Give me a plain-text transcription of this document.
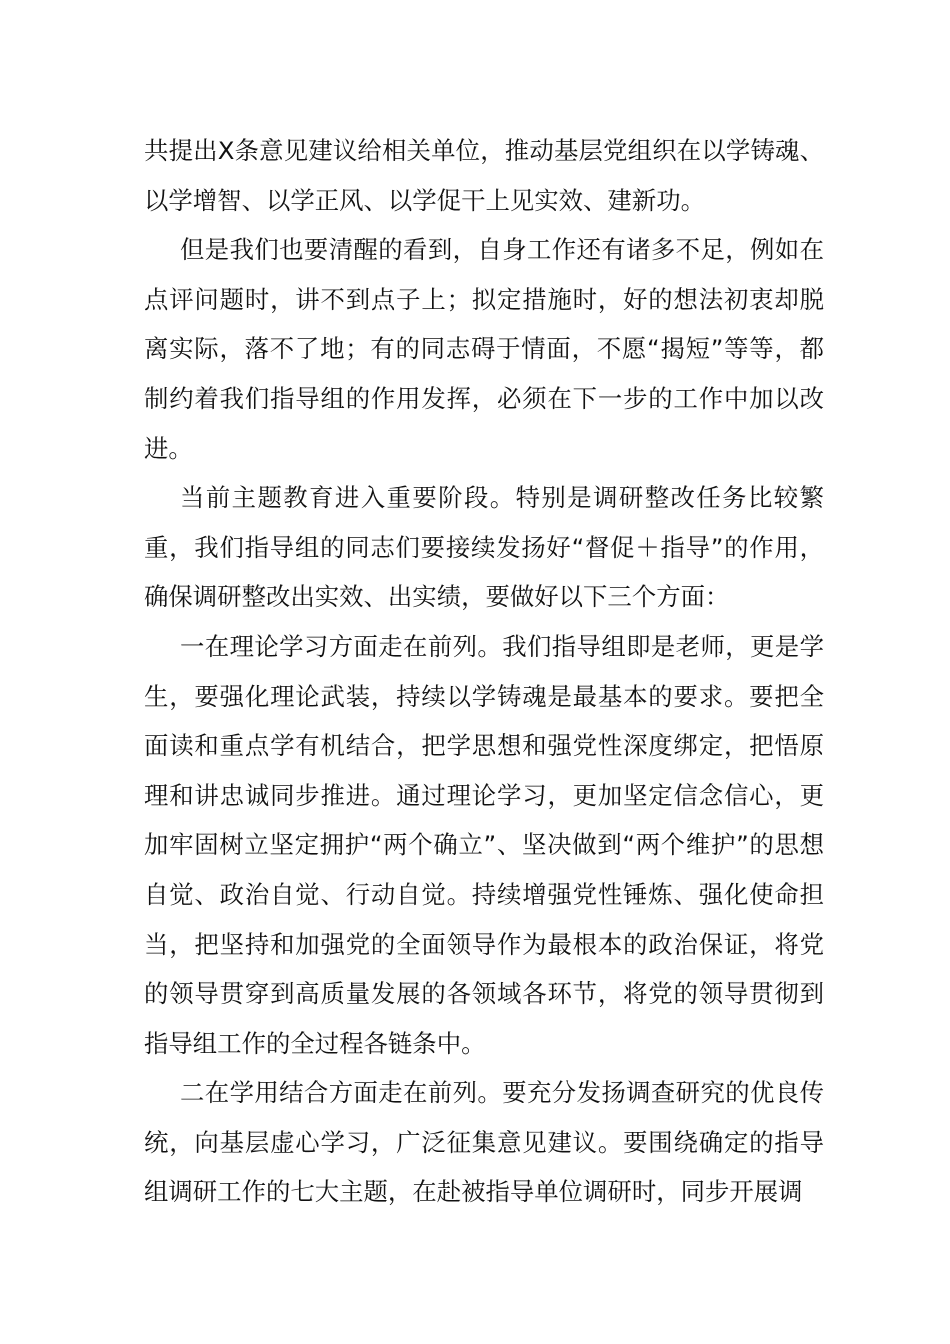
共提出X条意见建议给相关单位，推动基层党组织在以学铸魂、以学增智、以学正风、以学促干上见实效、建新功。

但是我们也要清醒的看到，自身工作还有诸多不足，例如在点评问题时，讲不到点子上；拟定措施时，好的想法初衷却脱离实际，落不了地；有的同志碍于情面，不愿“揭短”等等，都制约着我们指导组的作用发挥，必须在下一步的工作中加以改进。

当前主题教育进入重要阶段。特别是调研整改任务比较繁重，我们指导组的同志们要接续发扬好“督促＋指导”的作用，确保调研整改出实效、出实绩，要做好以下三个方面：

一在理论学习方面走在前列。我们指导组即是老师，更是学生，要强化理论武装，持续以学铸魂是最基本的要求。要把全面读和重点学有机结合，把学思想和强党性深度绑定，把悟原理和讲忠诚同步推进。通过理论学习，更加坚定信念信心，更加牢固树立坚定拥护“两个确立”、坚决做到“两个维护”的思想自觉、政治自觉、行动自觉。持续增强党性锤炼、强化使命担当，把坚持和加强党的全面领导作为最根本的政治保证，将党的领导贯穿到高质量发展的各领域各环节，将党的领导贯彻到指导组工作的全过程各链条中。

二在学用结合方面走在前列。要充分发扬调查研究的优良传统，向基层虚心学习，广泛征集意见建议。要围绕确定的指导组调研工作的七大主题，在赴被指导单位调研时，同步开展调
